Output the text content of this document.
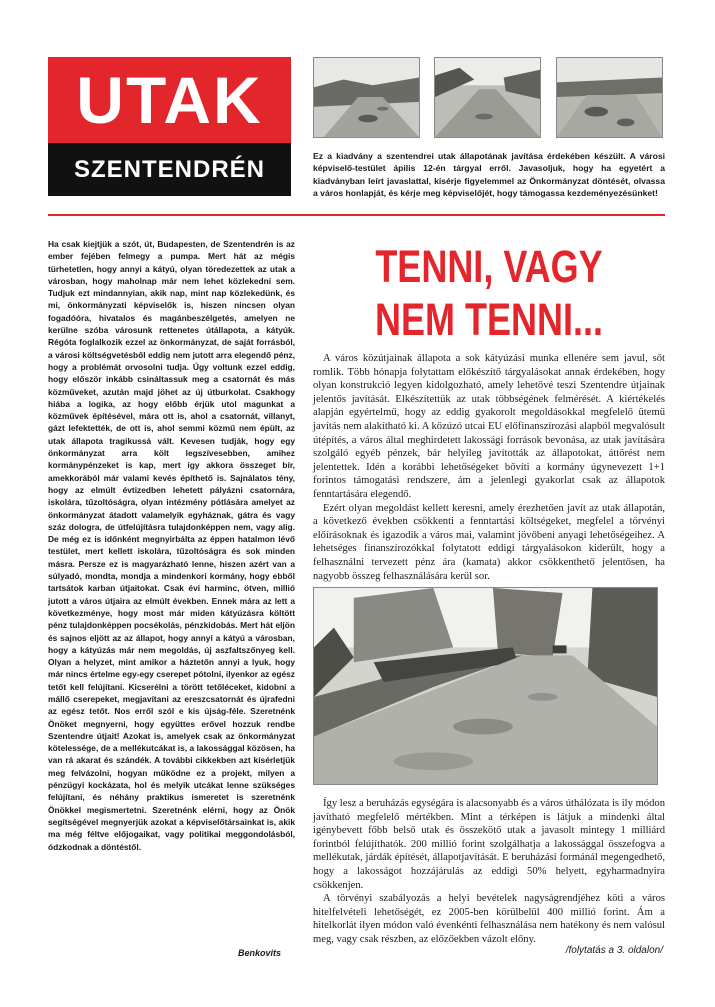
UTAK
SZENTENDRÉN	Ez a kiadvány a szentendrei utak állapotának javítása érdekében készült. A városi képviselő-testület ápilis 12-én tárgyal erről. Javasoljuk, hogy ha egyetért a kiadványban leírt javaslattal, kísérje figyelemmel az Önkormányzat döntését, olvassa a város honlapját, és kérje meg képviselőjét, hogy támogassa kezdeményezésünket!
Ha csak kiejtjük a szót, út, Budapesten, de Szentendrén is az ember fejében felmegy a pumpa. Mert hát az mégis türhetetlen, hogy annyi a kátyú, olyan töredezettek az utak a városban, hogy maholnap már nem lehet közlekedni sem. Tudjuk ezt mindannyian, akik nap, mint nap közlekedünk, és mi, önkormányzati képviselők is, hiszen nincsen olyan fogadóóra, hivatalos és magánbeszélgetés, amelyen ne kerülne szóba városunk rettenetes útállapota, a kátyúk. Régóta foglalkozik ezzel az önkormányzat, de saját forrásból, a városi költségvetésből eddig nem jutott arra elegendő pénz, hogy a problémát orvosolni tudja. Úgy voltunk ezzel eddig, hogy először inkább csináltassuk meg a csatornát és más közműveket, azután majd jöhet az új útburkolat. Csakhogy hiába a logika, az hogy előbb érjük utol magunkat a közművek építésével, mára ott is, ahol a csatornát, villanyt, gázt lefektették, de ott is, ahol semmi közmű nem épült, az utak állapota tragikussá vált. Kevesen tudják, hogy egy önkormányzat arra költ legszívesebben, amihez kormánypénzeket is kap, mert így akkora összeget bír, amekkorából már valami kevés építhető is. Sajnálatos tény, hogy az elmúlt évtizedben lehetett pályázni csatornára, iskolára, tűzoltóságra, olyan intézmény pótlására amelyet az önkormányzat átadott valamelyik egyháznak, gátra és vagy száz dologra, de útfelújításra tulajdonképpen nem, vagy alig. De még ez is időnként megnyirbálta az éppen hatalmon lévő testület, mert kellett iskolára, tűzoltóságra és sok minden másra. Persze ez is magyarázható lenne, hiszen azért van a súlyadó, mondta, mondja a mindenkori kormány, hogy ebből tartsátok karban útjaitokat. Csak évi harminc, ötven, millió jutott a város útjaira az elmúlt években. Ennek mára az lett a következménye, hogy most már miden kátyúzásra költött pénz tulajdonképpen pocsékolás, pénzkidobás. Mert hát eljön és sajnos eljött az az állapot, hogy annyi a kátyú a városban, hogy a kátyúzás már nem megoldás, új aszfaltszőnyeg kell. Olyan a helyzet, mint amikor a háztetőn annyi a lyuk, hogy már nincs értelme egy-egy cserepet pótolni, ilyenkor az egész tetőt kell felújítani. Kicserélni a törött tetőléceket, kidobni a mállő cserepeket, megjavítani az ereszcsatornát és újrafedni az egész tetőt. Nos erről szól e kis újság-féle. Szeretnénk Önöket megnyerni, hogy együttes erővel hozzuk rendbe Szentendre útjait! Azokat is, amelyek csak az önkormányzat kötelessége, de a mellékutcákat is, a lakossággal közösen, ha van rá akarat és szándék. A további cikkekben azt kísérletjük meg felvázolni, hogyan működne ez a projekt, milyen a pénzügyi kockázata, hol és melyik utcákat lenne szükséges felújítani, és néhány praktikus ismeretet is szeretnénk Önökkel megismertetni. Szeretnénk elérni, hogy az Önök segítségével megnyerjük azokat a képviselőtársainkat is, akik ma még féltve előjogaikat, vagy politikai meggondolásból, ódzkodnak a döntéstől.
Benkovits
TENNI, VAGY NEM TENNI...

A város közútjainak állapota a sok kátyúzási munka ellenére sem javul, sőt romlik. Több hónapja folytattam előkészítő tárgyalásokat annak érdekében, hogy olyan konstrukció legyen kidolgozható, amely lehetővé teszi Szentendre útjainak jelentős javítását. Elkészítettük az utak többségének felmérését. A kiértékelés alapján egyértelmű, hogy az eddig gyakorolt megoldásokkal megfelelő ütemű javítás nem alakítható ki. A közúzó utcai EU előfinanszírozási alapból megvalósult útépítés, a város által meghirdetett lakossági források bevonása, az utak javítására szolgáló egyéb pénzek, bár helyileg javították az állapotokat, áttörést nem jelentettek. Idén a korábbi lehetőségeket bővíti a kormány úgynevezett 1+1 forintos támogatási rendszere, ám a jelenlegi gyakorlat csak az állapotok fenntartására elegendő.

Ezért olyan megoldást kellett keresni, amely érezhetően javít az utak állapotán, a következő években csökkenti a fenntartási költségeket, megfelel a törvényi előírásoknak és igazodik a város mai, valamint jövőbeni anyagi lehetőségeihez. A lehetséges finanszírozókkal folytatott eddigi tárgyalásokon kiderült, hogy a felhasználni tervezett pénz ára (kamata) akkor csökkenthető jelentősen, ha nagyobb összeg felhasználására kerül sor.

Így lesz a beruházás egységára is alacsonyabb és a város úthálózata is ily módon javítható megfelelő mértékben. Mint a térképen is látjuk a mindenki által igénybevett főbb belső utak és összekötő utak a javasolt mintegy 1 milliárd forintból felújíthatók. 200 millió forint szolgálhatja a lakossággal összefogva a mellékutak, járdák építését, állapotjavítását. E beruházási formánál megengedhető, hogy a lakosságot hozzájárulás az eddigi 50% helyett, egyharmadnyira csökkenjen.

A törvényi szabályozás a helyi bevételek nagyságrendjéhez köti a város hitelfelvételi lehetőségét, ez 2005-ben körülbelül 400 millió forint. Ám a hitelkorlát ilyen módon való évenkénti felhasználása nem hatékony és nem valósul meg, vagy csak részben, az előzőekben vázolt előny.

/folytatás a 3. oldalon/
